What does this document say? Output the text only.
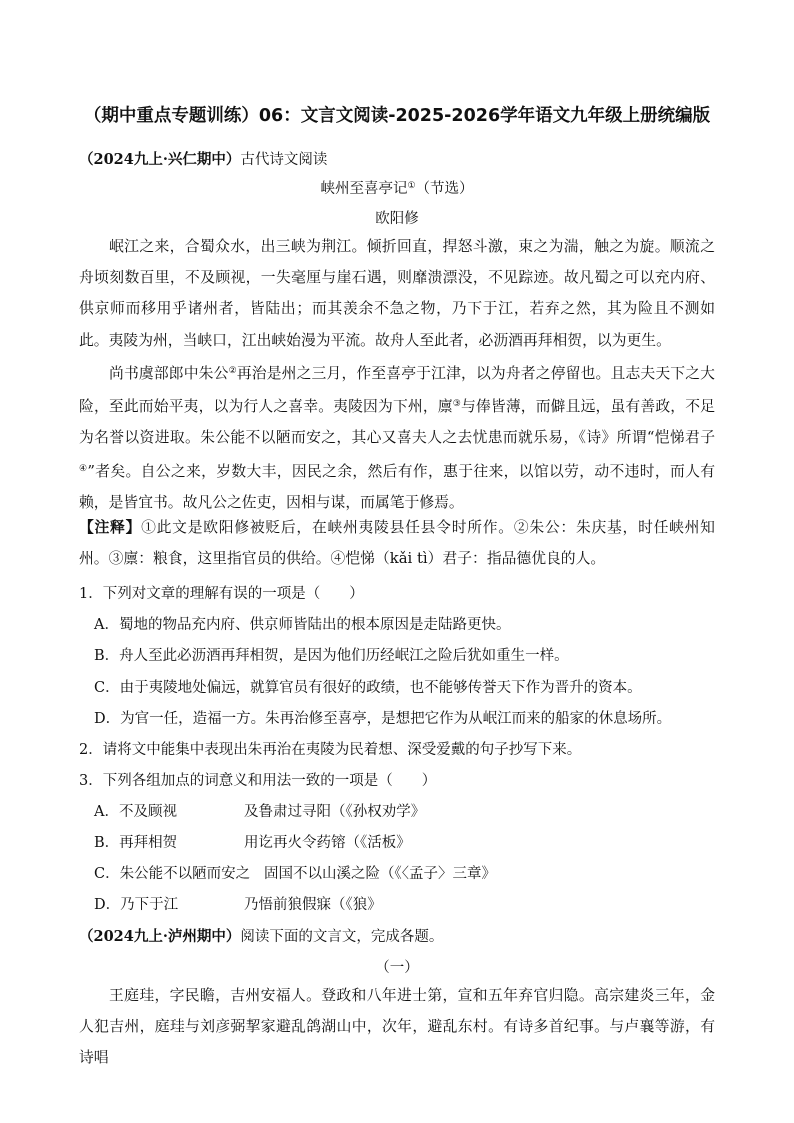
（期中重点专题训练）06：文言文阅读-2025-2026学年语文九年级上册统编版
（2024九上·兴仁期中）古代诗文阅读
峡州至喜亭记①（节选）
欧阳修
岷江之来，合蜀众水，出三峡为荆江。倾折回直，捍怒斗激，束之为湍，触之为旋。顺流之舟顷刻数百里，不及顾视，一失毫厘与崖石遇，则靡溃漂没，不见踪迹。故凡蜀之可以充内府、供京师而移用乎诸州者，皆陆出；而其羡余不急之物，乃下于江，若弃之然，其为险且不测如此。夷陵为州，当峡口，江出峡始漫为平流。故舟人至此者，必沥酒再拜相贺，以为更生。
尚书虞部郎中朱公②再治是州之三月，作至喜亭于江津，以为舟者之停留也。且志夫天下之大险，至此而始平夷，以为行人之喜幸。夷陵因为下州，廪③与俸皆薄，而僻且远，虽有善政，不足为名誉以资进取。朱公能不以陋而安之，其心又喜夫人之去忧患而就乐易，《诗》所谓“恺悌君子④”者矣。自公之来，岁数大丰，因民之余，然后有作，惠于往来，以馆以劳，动不违时，而人有赖，是皆宜书。故凡公之佐吏，因相与谋，而属笔于修焉。
【注释】①此文是欧阳修被贬后，在峡州夷陵县任县令时所作。②朱公：朱庆基，时任峡州知州。③廪：粮食，这里指官员的供给。④恺悌（kǎi tì）君子：指品德优良的人。
1．下列对文章的理解有误的一项是（　　）
A．蜀地的物品充内府、供京师皆陆出的根本原因是走陆路更快。
B．舟人至此必沥酒再拜相贺，是因为他们历经岷江之险后犹如重生一样。
C．由于夷陵地处偏远，就算官员有很好的政绩，也不能够传誉天下作为晋升的资本。
D．为官一任，造福一方。朱再治修至喜亭，是想把它作为从岷江而来的船家的休息场所。
2．请将文中能集中表现出朱再治在夷陵为民着想、深受爱戴的句子抄写下来。
3．下列各组加点的词意义和用法一致的一项是（　　）
A．不及顾视	及鲁肃过寻阳（《孙权劝学》
B．再拜相贺	用讫再火令药镕（《活板》
C．朱公能不以陋而安之 固国不以山溪之险（《〈孟子〉三章》
D．乃下于江	乃悟前狼假寐（《狼》
（2024九上·泸州期中）阅读下面的文言文，完成各题。
（一）
王庭珪，字民瞻，吉州安福人。登政和八年进士第，宣和五年弃官归隐。高宗建炎三年，金人犯吉州，庭珪与刘彦弼挈家避乱鸽湖山中，次年，避乱东村。有诗多首纪事。与卢襄等游，有诗唱
